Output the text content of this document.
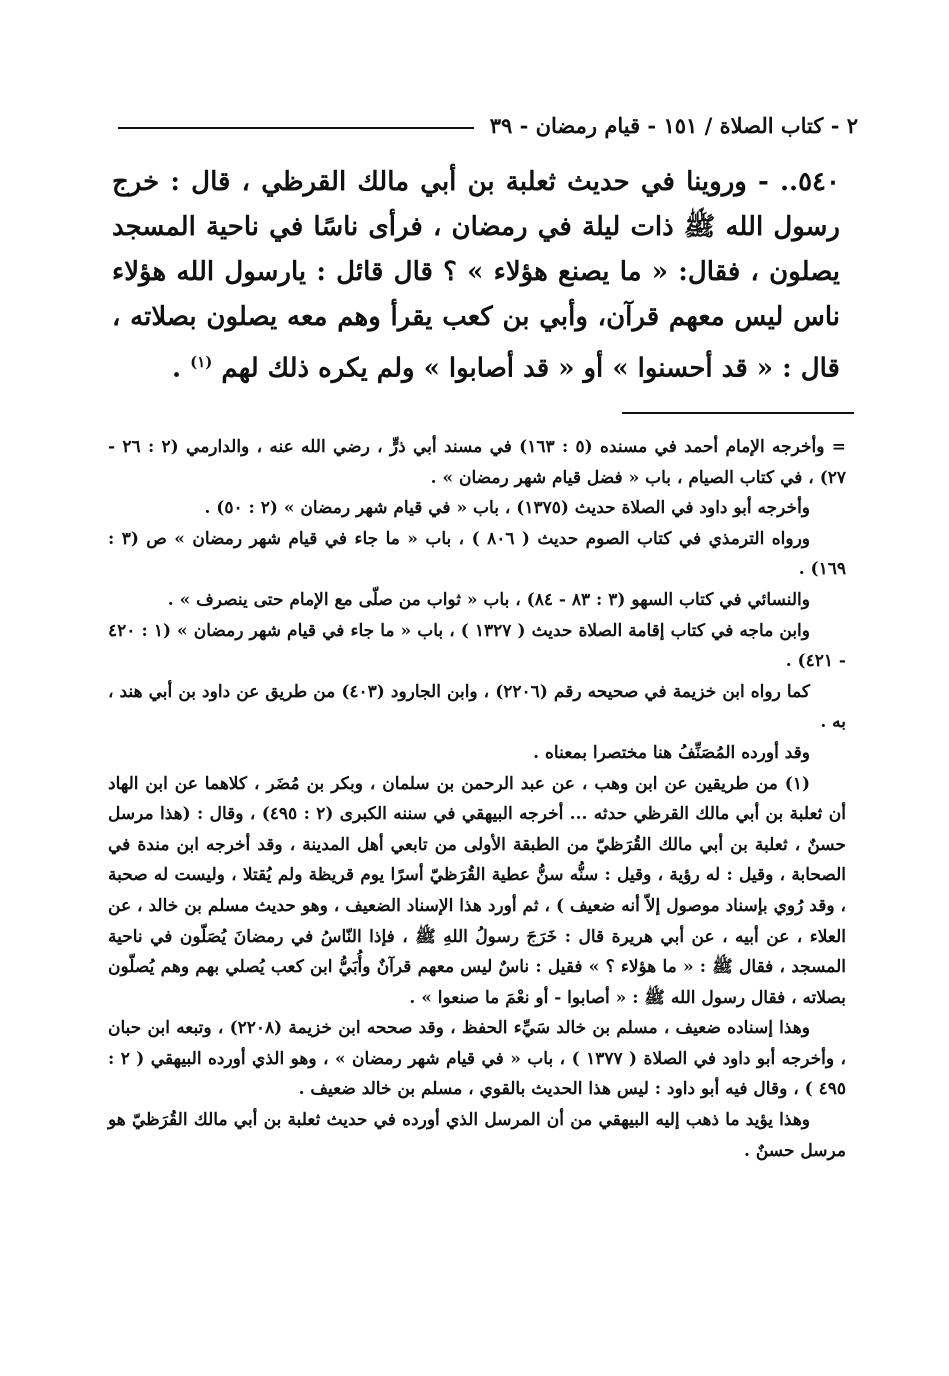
٢ - كتاب الصلاة / ١٥١ - قيام رمضان - ٣٩
٥٤٠.. - وروينا في حديث ثعلبة بن أبي مالك القرظي ، قال : خرج رسول الله ﷺ ذات ليلة في رمضان ، فرأى ناسًا في ناحية المسجد يصلون ، فقال: « ما يصنع هؤلاء » ؟ قال قائل : يارسول الله هؤلاء ناس ليس معهم قرآن، وأبي بن كعب يقرأ وهم معه يصلون بصلاته ، قال : « قد أحسنوا » أو « قد أصابوا » ولم يكره ذلك لهم $^{(١)}$ .

= وأخرجه الإمام أحمد في مسنده (٥ : ١٦٣) في مسند أبي ذرٍّ ، رضي الله عنه ، والدارمي (٢ : ٢٦ - ٢٧) ، في كتاب الصيام ، باب « فضل قيام شهر رمضان » .

وأخرجه أبو داود في الصلاة حديث (١٣٧٥) ، باب « في قيام شهر رمضان » (٢ : ٥٠) .

ورواه الترمذي في كتاب الصوم حديث ( ٨٠٦ ) ، باب « ما جاء في قيام شهر رمضان » ص (٣ : ١٦٩) .

والنسائي في كتاب السهو (٣ : ٨٣ - ٨٤) ، باب « ثواب من صلّى مع الإمام حتى ينصرف » .

وابن ماجه في كتاب إقامة الصلاة حديث ( ١٣٢٧ ) ، باب « ما جاء في قيام شهر رمضان » (١ : ٤٢٠ - ٤٢١) .

كما رواه ابن خزيمة في صحيحه رقم (٢٢٠٦) ، وابن الجارود (٤٠٣) من طريق عن داود بن أبي هند ، به .

وقد أورده المُصَنِّفُ هنا مختصرا بمعناه .

(١) من طريقين عن ابن وهب ، عن عبد الرحمن بن سلمان ، وبكر بن مُضَر ، كلاهما عن ابن الهاد أن ثعلبة بن أبي مالك القرظي حدثه ... أخرجه البيهقي في سننه الكبرى (٢ : ٤٩٥) ، وقال : (هذا مرسل حسنٌ ، ثعلبة بن أبي مالك القُرَظيّ من الطبقة الأولى من تابعي أهل المدينة ، وقد أخرجه ابن مندة في الصحابة ، وقيل : له رؤية ، وقيل : سنُّه سنُّ عطية القُرَظيّ أسرًا يوم قريظة ولم يُقتلا ، وليست له صحبة ، وقد رُوي بإسناد موصول إلاّ أنه ضعيف ) ، ثم أورد هذا الإسناد الضعيف ، وهو حديث مسلم بن خالد ، عن العلاء ، عن أبيه ، عن أبي هريرة قال : خَرَجَ رسولُ اللهِ ﷺ ، فإذا النّاسُ في رمضانَ يُصَلّون في ناحية المسجد ، فقال ﷺ : « ما هؤلاء ؟ » فقيل : ناسٌ ليس معهم قرآنٌ وأُبَيُّ ابن كعب يُصلي بهم وهم يُصلّون بصلاته ، فقال رسول الله ﷺ : « أصابوا - أو نعْمَ ما صنعوا » .

وهذا إسناده ضعيف ، مسلم بن خالد سَيِّء الحفظ ، وقد صححه ابن خزيمة (٢٢٠٨) ، وتبعه ابن حبان ، وأخرجه أبو داود في الصلاة ( ١٣٧٧ ) ، باب « في قيام شهر رمضان » ، وهو الذي أورده البيهقي ( ٢ : ٤٩٥ ) ، وقال فيه أبو داود : ليس هذا الحديث بالقوي ، مسلم بن خالد ضعيف .

وهذا يؤيد ما ذهب إليه البيهقي من أن المرسل الذي أورده في حديث ثعلبة بن أبي مالك القُرَظيّ هو مرسل حسنٌ .
